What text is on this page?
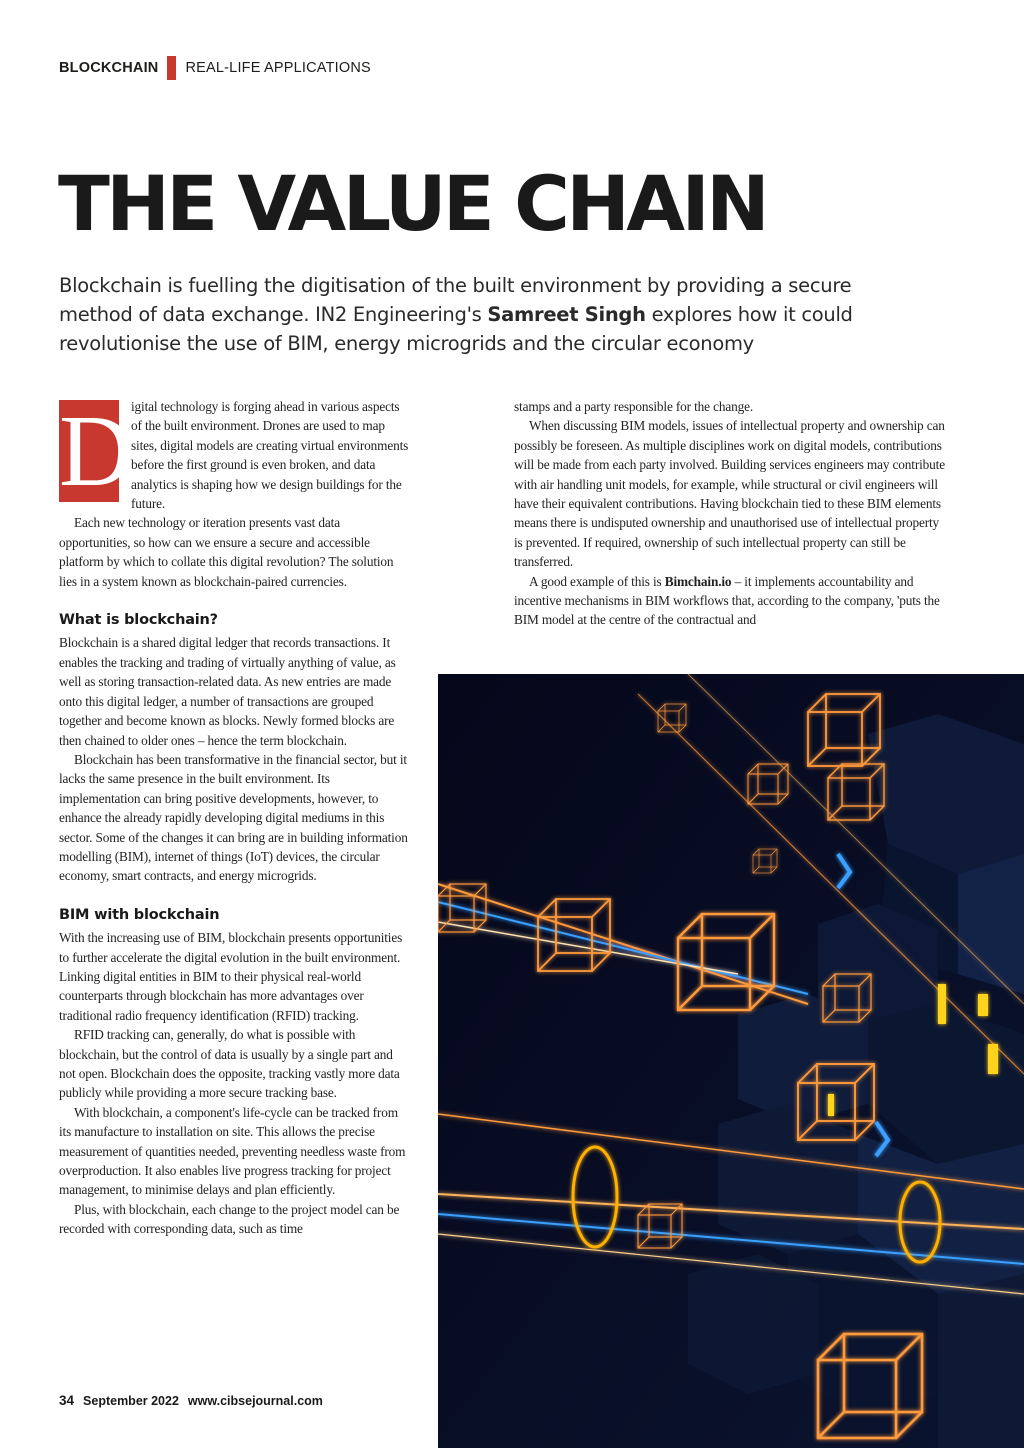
BLOCKCHAIN REAL-LIFE APPLICATIONS
THE VALUE CHAIN

Blockchain is fuelling the digitisation of the built environment by providing a secure method of data exchange. IN2 Engineering's Samreet Singh explores how it could revolutionise the use of BIM, energy microgrids and the circular economy

D

igital technology is forging ahead in various aspects of the built environment. Drones are used to map sites, digital models are creating virtual environments before the first ground is even broken, and data analytics is shaping how we design buildings for the future.

Each new technology or iteration presents vast data opportunities, so how can we ensure a secure and accessible platform by which to collate this digital revolution? The solution lies in a system known as blockchain-paired currencies.

What is blockchain?

Blockchain is a shared digital ledger that records transactions. It enables the tracking and trading of virtually anything of value, as well as storing transaction-related data. As new entries are made onto this digital ledger, a number of transactions are grouped together and become known as blocks. Newly formed blocks are then chained to older ones – hence the term blockchain.

Blockchain has been transformative in the financial sector, but it lacks the same presence in the built environment. Its implementation can bring positive developments, however, to enhance the already rapidly developing digital mediums in this sector. Some of the changes it can bring are in building information modelling (BIM), internet of things (IoT) devices, the circular economy, smart contracts, and energy microgrids.

BIM with blockchain

With the increasing use of BIM, blockchain presents opportunities to further accelerate the digital evolution in the built environment. Linking digital entities in BIM to their physical real-world counterparts through blockchain has more advantages over traditional radio frequency identification (RFID) tracking.

RFID tracking can, generally, do what is possible with blockchain, but the control of data is usually by a single part and not open. Blockchain does the opposite, tracking vastly more data publicly while providing a more secure tracking base.

With blockchain, a component's life-cycle can be tracked from its manufacture to installation on site. This allows the precise measurement of quantities needed, preventing needless waste from overproduction. It also enables live progress tracking for project management, to minimise delays and plan efficiently.

Plus, with blockchain, each change to the project model can be recorded with corresponding data, such as time

stamps and a party responsible for the change.

When discussing BIM models, issues of intellectual property and ownership can possibly be foreseen. As multiple disciplines work on digital models, contributions will be made from each party involved. Building services engineers may contribute with air handling unit models, for example, while structural or civil engineers will have their equivalent contributions. Having blockchain tied to these BIM elements means there is undisputed ownership and unauthorised use of intellectual property is prevented. If required, ownership of such intellectual property can still be transferred.

A good example of this is Bimchain.io – it implements accountability and incentive mechanisms in BIM workflows that, according to the company, 'puts the BIM model at the centre of the contractual and

34 September 2022 www.cibsejournal.com
